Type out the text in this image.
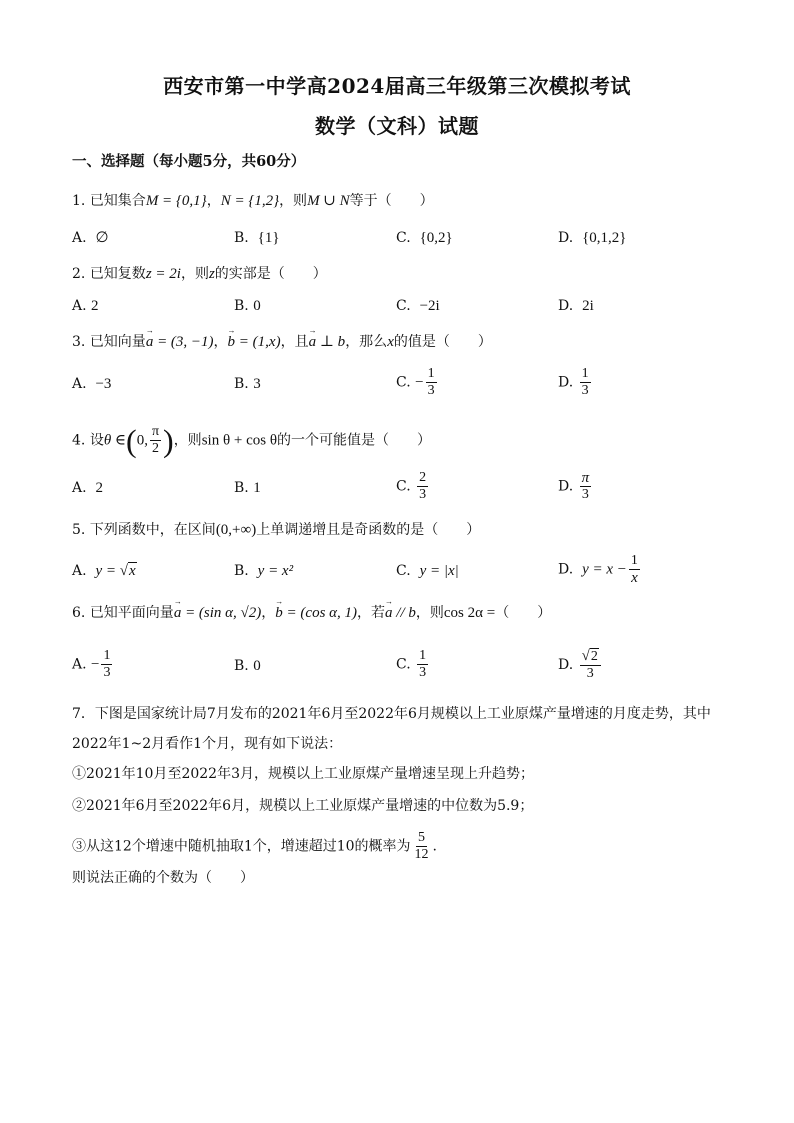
西安市第一中学高2024届高三年级第三次模拟考试
数学（文科）试题
一、选择题（每小题5分，共60分）
1. 已知集合M = {0,1}，N = {1,2}，则M ∪ N等于（　　）
A. ∅	B. {1}	C. {0,2}	D. {0,1,2}
2. 已知复数z = 2i，则z的实部是（　　）
A. 2	B. 0	C. −2i	D. 2i
3. 已知向量→ a = (3, −1)，→ b = (1,x)，且→ a ⊥ b，那么x的值是（　　）
A. −3	B. 3	C. − $\frac{1}{3}$	D. $\frac{1}{3}$
4. 设θ ∈(0, $\frac{\pi}{2}$ )，则sin θ + cos θ的一个可能值是（　　）
A. 2	B. 1	C. $\frac{2}{3}$	D. $\frac{\pi}{3}$
5. 下列函数中，在区间(0,+∞)上单调递增且是奇函数的是（　　）
A. y = √x	B. y = x²	C. y = |x|	D. $y = x - \frac{1}{x}$
6. 已知平面向量→ a = (sin α, √2)，→ b = (cos α, 1)，若→ a // b，则cos 2α =（　　）
A. − $\frac{1}{3}$	B. 0	C. $\frac{1}{3}$	D. $\frac{√2}{3}$
7．下图是国家统计局7月发布的2021年6月至2022年6月规模以上工业原煤产量增速的月度走势，其中
2022年1~2月看作1个月，现有如下说法：
①2021年10月至2022年3月，规模以上工业原煤产量增速呈现上升趋势；
②2021年6月至2022年6月，规模以上工业原煤产量增速的中位数为5.9；
③从这12个增速中随机抽取1个，增速超过10的概率为 $\frac{5}{12}$ .
则说法正确的个数为（　　）
